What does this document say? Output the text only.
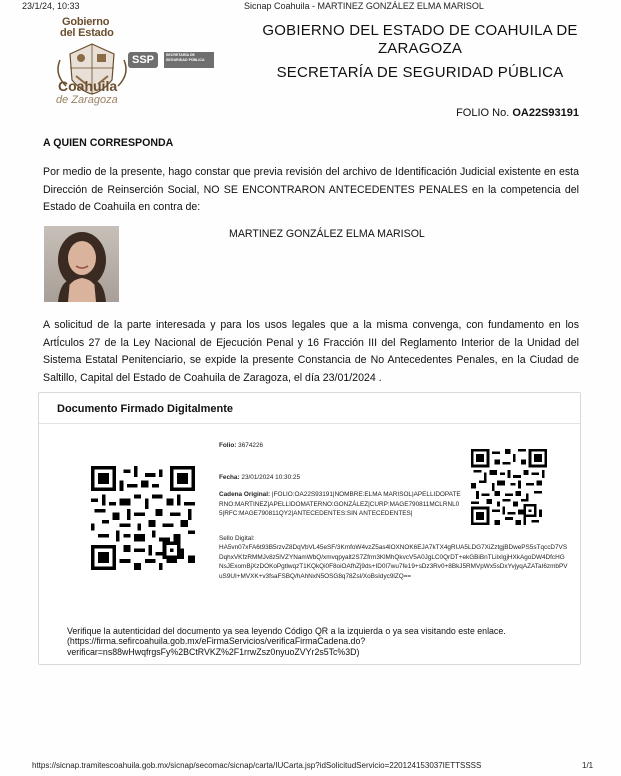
23/1/24, 10:33	Sicnap Coahuila - MARTINEZ GONZÁLEZ ELMA MARISOL
Gobierno
del Estado
SSP	SECRETARÍA DE SEGURIDAD PÚBLICA
Coahuila
de Zaragoza
GOBIERNO DEL ESTADO DE COAHUILA DE
ZARAGOZA
SECRETARÍA DE SEGURIDAD PÚBLICA
FOLIO No. OA22S93191
A QUIEN CORRESPONDA
Por medio de la presente, hago constar que previa revisión del archivo de Identificación Judicial existente en esta Dirección de Reinserción Social, NO SE ENCONTRARON ANTECEDENTES PENALES en la competencia del Estado de Coahuila en contra de:
MARTINEZ GONZÁLEZ ELMA MARISOL
A solicitud de la parte interesada y para los usos legales que a la misma convenga, con fundamento en los ArtÍculos 27 de la Ley Nacional de Ejecución Penal y 16 Fracción III del Reglamento Interior de la Unidad del Sistema Estatal Penitenciario, se expide la presente Constancia de No Antecedentes Penales, en la Ciudad de Saltillo, Capital del Estado de Coahuila de Zaragoza, el día 23/01/2024 .
Documento Firmado Digitalmente
Folio: 3674226
Fecha: 23/01/2024 10:30:25
Cadena Original: |FOLIO:OA22S93191|NOMBRE:ELMA MARISOL|APELLIDOPATERNO:MARTINEZ|APELLIDOMATERNO:GONZÁLEZ|CURP:MAGE790811MCLRNL05|RFC:MAGE790811QY2|ANTECEDENTES:SIN ANTECEDENTES|
Sello Digital:
HA5vn07xFA6t93B5rzvZ8DqVbVL45eSF/3KmfoW4vzZ5as4lOXNOK6EJA7kTX4gRUA5LDG7XiZztgjBDwePS5sTqccD7VSDqhxVKfzRMMJv8z5lVZYNamWbQ/xmvqpyalt2S7Zfrm3KlMhQkvcV5A0JgLC0QrDT+ekGBiBnTLilxIgjHXkAgoDW4DfcHGNsJExomBjXzDOKoPgtlwqzT1KQkQi0F8oiOAfhZj9ds+ID0I7wu7fe19+sDz3Rv0+8BkJ5RMVpWx5sDxYvjyqAZATaI6zmbPVuS9UI+MVXK+v3fsaFSBQ/hAhNxN5OSG8q78Zsl/XoBsIdyc9lZQ==
Verifique la autenticidad del documento ya sea leyendo Código QR a la izquierda o ya sea visitando este enlace.
(https://firma.sefircoahuila.gob.mx/eFirmaServicios/verificaFirmaCadena.do?
verificar=ns88wHwqfrgsFy%2BCtRVKZ%2F1rrwZsz0nyuoZVYr2s5Tc%3D)
https://sicnap.tramitescoahuila.gob.mx/sicnap/secomac/sicnap/carta/IUCarta.jsp?idSolicitudServicio=220124153037IETTSSSS	1/1
